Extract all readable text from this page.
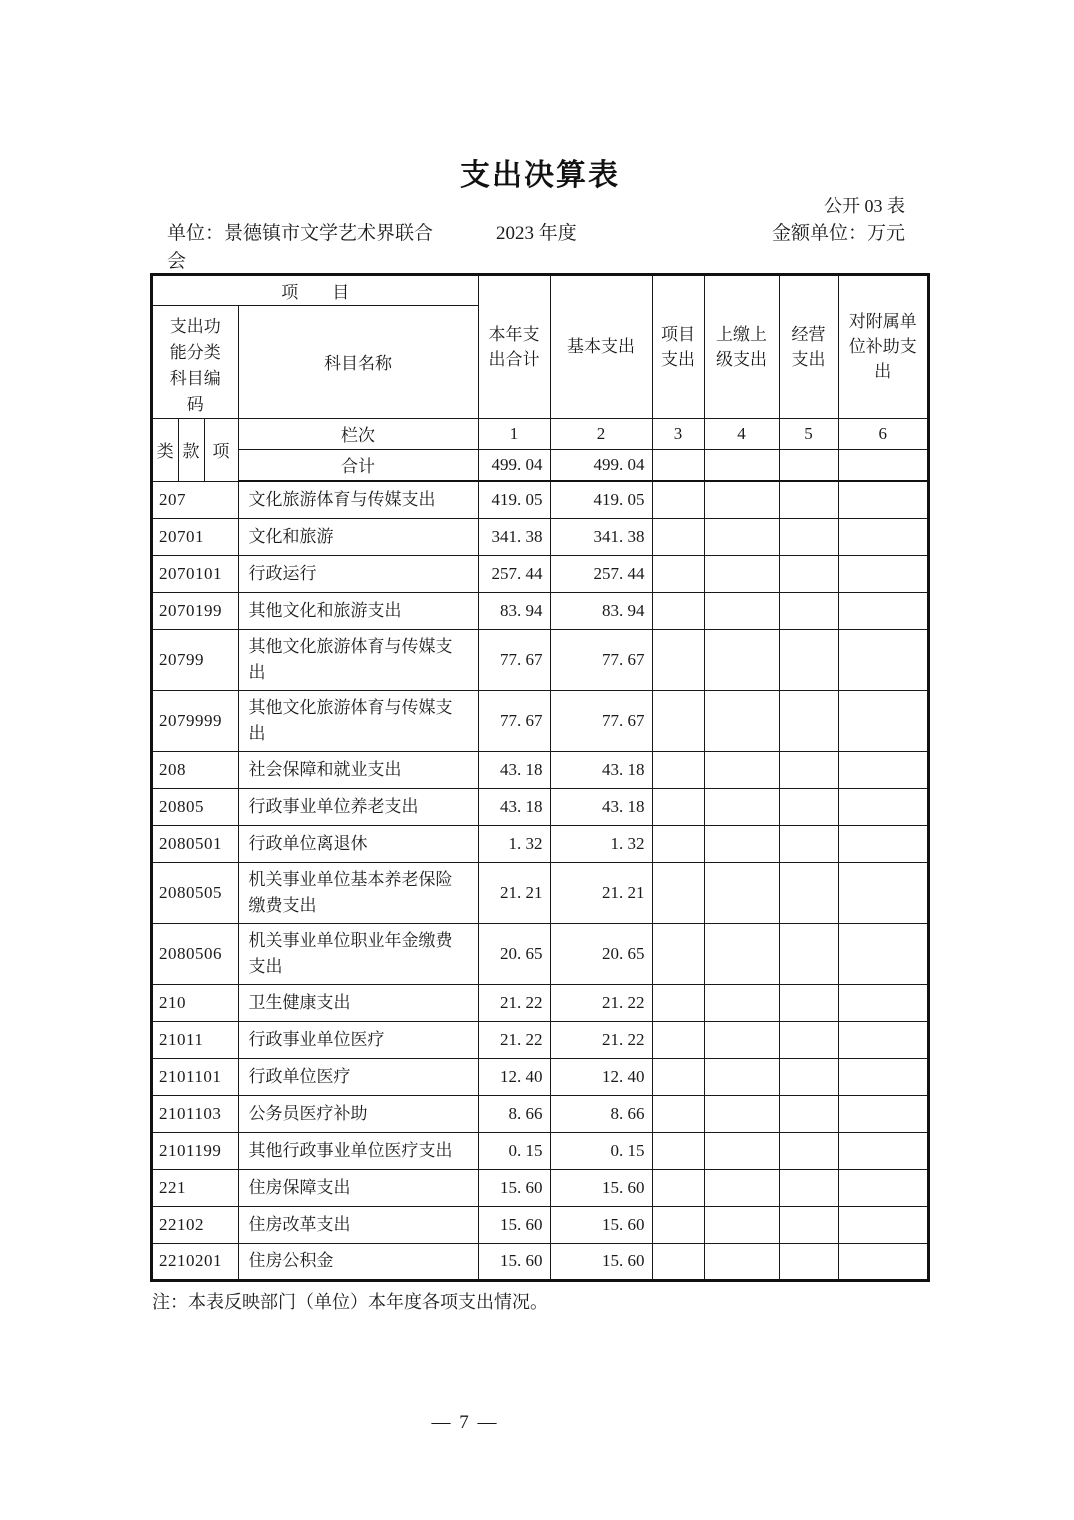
支出决算表
公开 03 表
单位：景德镇市文学艺术界联合会
2023 年度	金额单位：万元
项　　目				本年支出合计	基本支出	项目支出	上缴上级支出	经营支出	对附属单位补助支出
支出功能分类科目编码			科目名称						
类	款	项	栏次	1	2	3	4	5	6
			合计	499. 04	499. 04				
207			文化旅游体育与传媒支出	419. 05	419. 05				
20701			文化和旅游	341. 38	341. 38				
2070101			行政运行	257. 44	257. 44				
2070199			其他文化和旅游支出	83. 94	83. 94				
20799			其他文化旅游体育与传媒支出	77. 67	77. 67				
2079999			其他文化旅游体育与传媒支出	77. 67	77. 67				
208			社会保障和就业支出	43. 18	43. 18				
20805			行政事业单位养老支出	43. 18	43. 18				
2080501			行政单位离退休	1. 32	1. 32				
2080505			机关事业单位基本养老保险缴费支出	21. 21	21. 21				
2080506			机关事业单位职业年金缴费支出	20. 65	20. 65				
210			卫生健康支出	21. 22	21. 22				
21011			行政事业单位医疗	21. 22	21. 22				
2101101			行政单位医疗	12. 40	12. 40				
2101103			公务员医疗补助	8. 66	8. 66				
2101199			其他行政事业单位医疗支出	0. 15	0. 15				
221			住房保障支出	15. 60	15. 60				
22102			住房改革支出	15. 60	15. 60				
2210201			住房公积金	15. 60	15. 60				
注：本表反映部门（单位）本年度各项支出情况。
— 7 —
